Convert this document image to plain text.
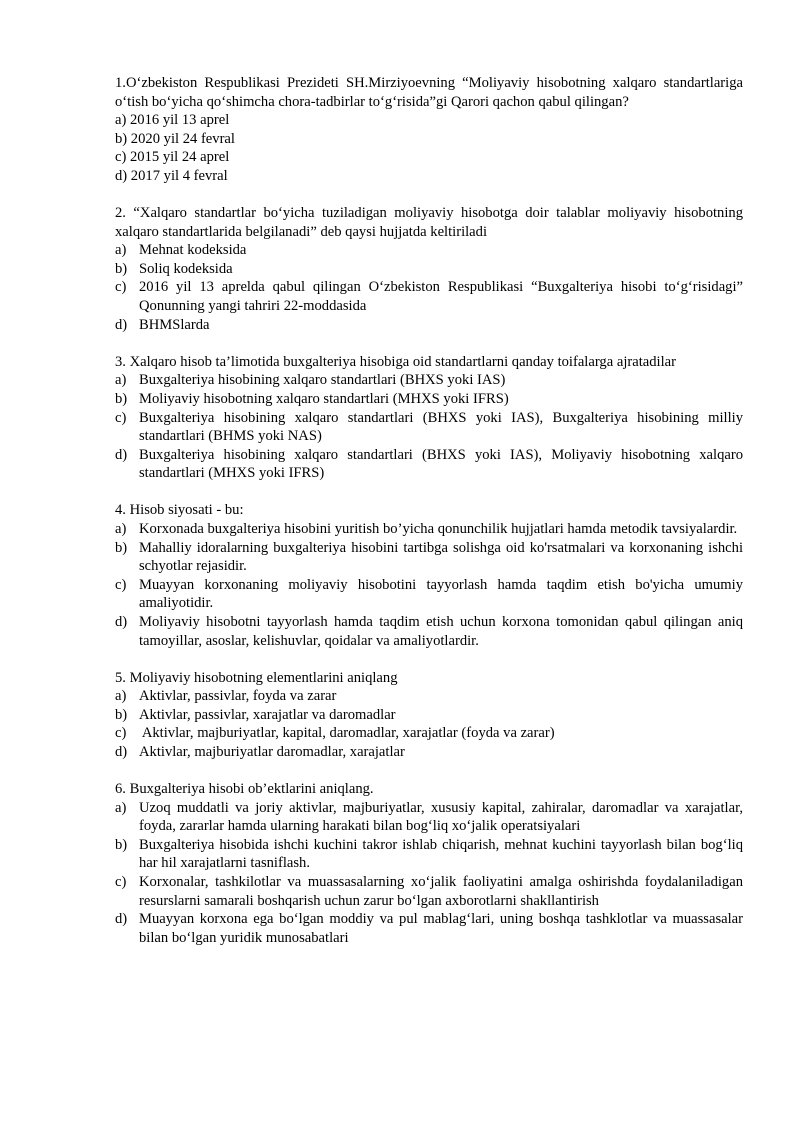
1.O‘zbekiston Respublikasi Prezideti SH.Mirziyoevning “Moliyaviy hisobotning xalqaro standartlariga o‘tish bo‘yicha qo‘shimcha chora-tadbirlar to‘g‘risida”gi Qarori qachon qabul qilingan?

a) 2016 yil 13 aprel
b) 2020 yil 24 fevral
c) 2015 yil 24 aprel
d) 2017 yil 4 fevral

2. “Xalqaro standartlar bo‘yicha tuziladigan moliyaviy hisobotga doir talablar moliyaviy hisobotning xalqaro standartlarida belgilanadi” deb qaysi hujjatda keltiriladi

a) Mehnat kodeksida
b) Soliq kodeksida
c) 2016 yil 13 aprelda qabul qilingan O‘zbekiston Respublikasi “Buxgalteriya hisobi to‘g‘risidagi” Qonunning yangi tahriri 22-moddasida
d) BHMSlarda

3. Xalqaro hisob ta’limotida buxgalteriya hisobiga oid standartlarni qanday toifalarga ajratadilar

a) Buxgalteriya hisobining xalqaro standartlari (BHXS yoki IAS)
b) Moliyaviy hisobotning xalqaro standartlari (MHXS yoki IFRS)
c) Buxgalteriya hisobining xalqaro standartlari (BHXS yoki IAS), Buxgalteriya hisobining milliy standartlari (BHMS yoki NAS)
d) Buxgalteriya hisobining xalqaro standartlari (BHXS yoki IAS), Moliyaviy hisobotning xalqaro standartlari (MHXS yoki IFRS)

4. Hisob siyosati - bu:

a) Korxonada buxgalteriya hisobini yuritish bo’yicha qonunchilik hujjatlari hamda metodik tavsiyalardir.
b) Mahalliy idoralarning buxgalteriya hisobini tartibga solishga oid ko'rsatmalari va korxonaning ishchi schyotlar rejasidir.
c) Muayyan korxonaning moliyaviy hisobotini tayyorlash hamda taqdim etish bo'yicha umumiy amaliyotidir.
d) Moliyaviy hisobotni tayyorlash hamda taqdim etish uchun korxona tomonidan qabul qilingan aniq tamoyillar, asoslar, kelishuvlar, qoidalar va amaliyotlardir.

5. Moliyaviy hisobotning elementlarini aniqlang

a) Aktivlar, passivlar, foyda va zarar
b) Aktivlar, passivlar, xarajatlar va daromadlar
c) Aktivlar, majburiyatlar, kapital, daromadlar, xarajatlar (foyda va zarar)
d) Aktivlar, majburiyatlar daromadlar, xarajatlar

6. Buxgalteriya hisobi ob’ektlarini aniqlang.

a) Uzoq muddatli va joriy aktivlar, majburiyatlar, xususiy kapital, zahiralar, daromadlar va xarajatlar, foyda, zararlar hamda ularning harakati bilan bog‘liq xo‘jalik operatsiyalari
b) Buxgalteriya hisobida ishchi kuchini takror ishlab chiqarish, mehnat kuchini tayyorlash bilan bog‘liq har hil xarajatlarni tasniflash.
c) Korxonalar, tashkilotlar va muassasalarning xo‘jalik faoliyatini amalga oshirishda foydalaniladigan resurslarni samarali boshqarish uchun zarur bo‘lgan axborotlarni shakllantirish
d) Muayyan korxona ega bo‘lgan moddiy va pul mablag‘lari, uning boshqa tashklotlar va muassasalar bilan bo‘lgan yuridik munosabatlari
